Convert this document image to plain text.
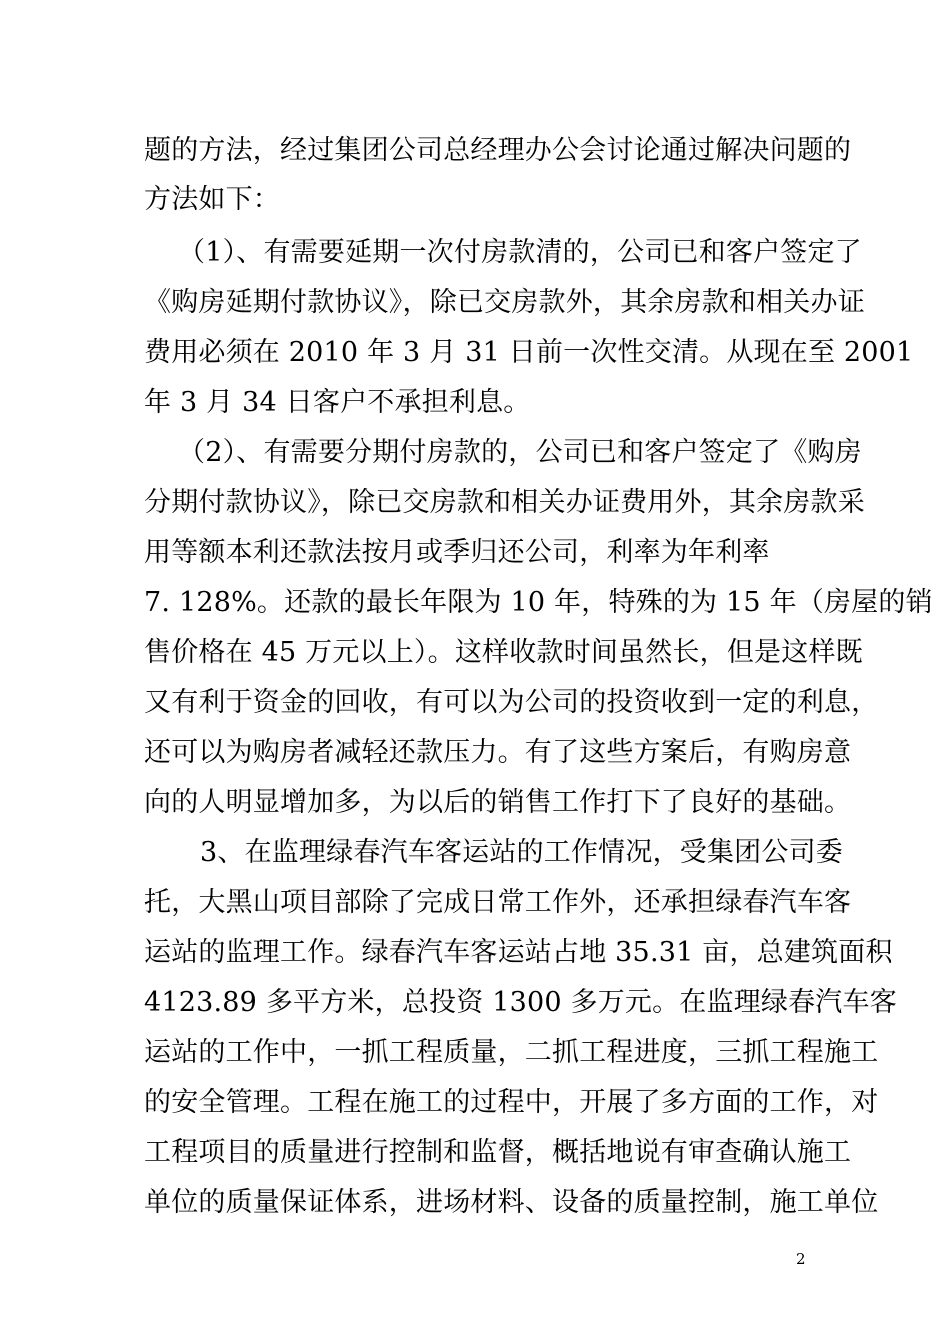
题的方法，经过集团公司总经理办公会讨论通过解决问题的
方法如下：
（1）、有需要延期一次付房款清的，公司已和客户签定了
《购房延期付款协议》，除已交房款外，其余房款和相关办证
费用必须在 2010 年 3 月 31 日前一次性交清。从现在至 2001
年 3 月 34 日客户不承担利息。
（2）、有需要分期付房款的，公司已和客户签定了《购房
分期付款协议》，除已交房款和相关办证费用外，其余房款采
用等额本利还款法按月或季归还公司，利率为年利率
7. 128%。还款的最长年限为 10 年，特殊的为 15 年（房屋的销
售价格在 45 万元以上）。这样收款时间虽然长，但是这样既
又有利于资金的回收，有可以为公司的投资收到一定的利息，
还可以为购房者减轻还款压力。有了这些方案后，有购房意
向的人明显增加多，为以后的销售工作打下了良好的基础。
3、在监理绿春汽车客运站的工作情况，受集团公司委
托，大黑山项目部除了完成日常工作外，还承担绿春汽车客
运站的监理工作。绿春汽车客运站占地 35.31 亩，总建筑面积
4123.89 多平方米，总投资 1300 多万元。在监理绿春汽车客
运站的工作中，一抓工程质量，二抓工程进度，三抓工程施工
的安全管理。工程在施工的过程中，开展了多方面的工作，对
工程项目的质量进行控制和监督，概括地说有审查确认施工
单位的质量保证体系，进场材料、设备的质量控制，施工单位
2
